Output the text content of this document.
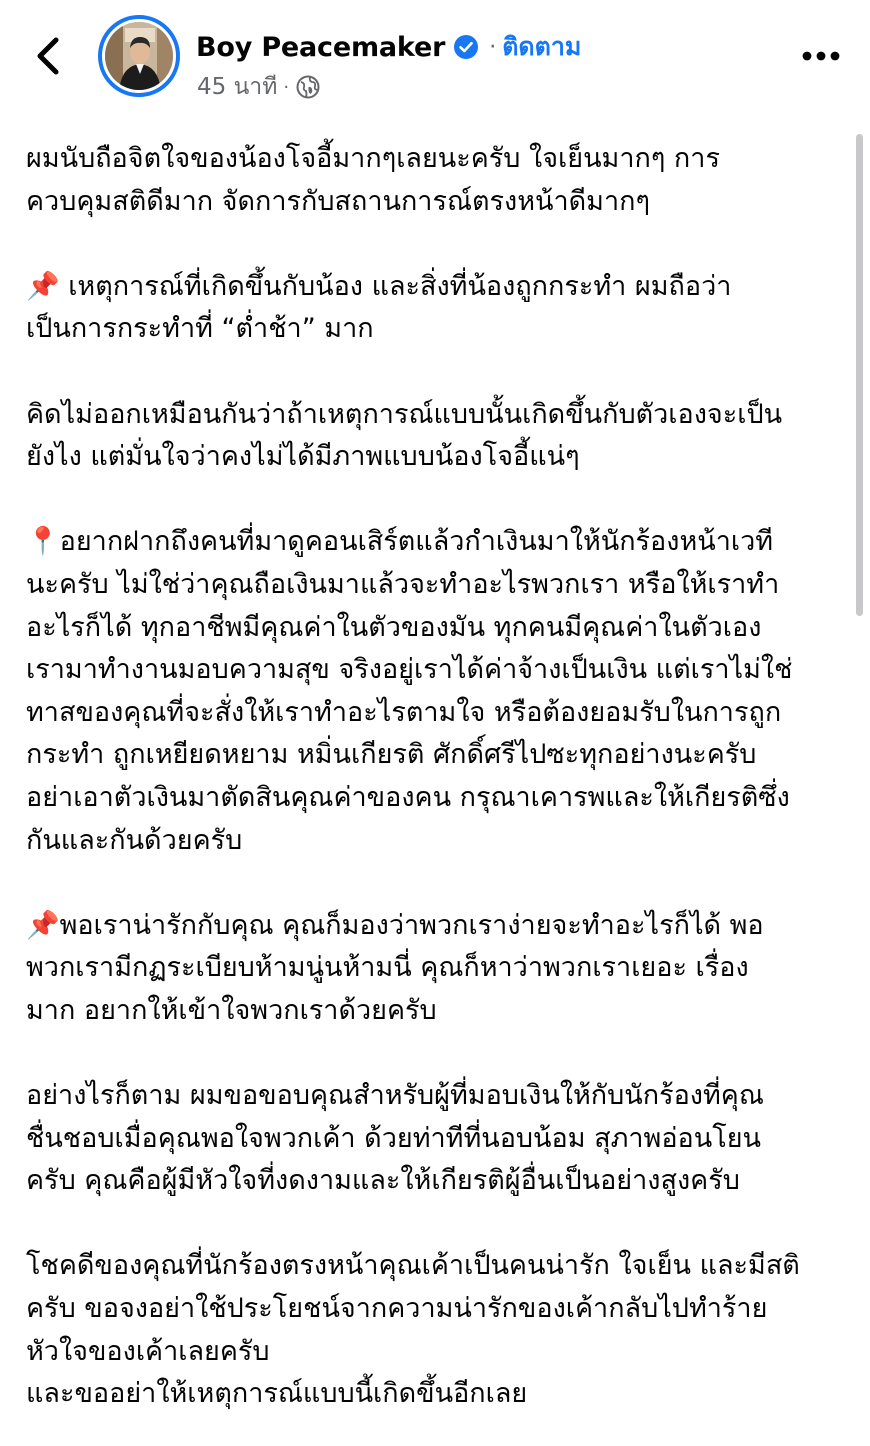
Boy Peacemaker · ติดตาม
45 นาที ·

ผมนับถือจิตใจของน้องโจอี้มากๆเลยนะครับ ใจเย็นมากๆ การ
ควบคุมสติดีมาก จัดการกับสถานการณ์ตรงหน้าดีมากๆ

📌 เหตุการณ์ที่เกิดขึ้นกับน้อง และสิ่งที่น้องถูกกระทำ ผมถือว่า
เป็นการกระทำที่ “ต่ำช้า” มาก

คิดไม่ออกเหมือนกันว่าถ้าเหตุการณ์แบบนั้นเกิดขึ้นกับตัวเองจะเป็น
ยังไง แต่มั่นใจว่าคงไม่ได้มีภาพแบบน้องโจอี้แน่ๆ

📍อยากฝากถึงคนที่มาดูคอนเสิร์ตแล้วกำเงินมาให้นักร้องหน้าเวที
นะครับ ไม่ใช่ว่าคุณถือเงินมาแล้วจะทำอะไรพวกเรา หรือให้เราทำ
อะไรก็ได้ ทุกอาชีพมีคุณค่าในตัวของมัน ทุกคนมีคุณค่าในตัวเอง
เรามาทำงานมอบความสุข จริงอยู่เราได้ค่าจ้างเป็นเงิน แต่เราไม่ใช่
ทาสของคุณที่จะสั่งให้เราทำอะไรตามใจ หรือต้องยอมรับในการถูก
กระทำ ถูกเหยียดหยาม หมิ่นเกียรติ ศักดิ์ศรีไปซะทุกอย่างนะครับ
อย่าเอาตัวเงินมาตัดสินคุณค่าของคน กรุณาเคารพและให้เกียรติซึ่ง
กันและกันด้วยครับ

📌พอเราน่ารักกับคุณ คุณก็มองว่าพวกเราง่ายจะทำอะไรก็ได้ พอ
พวกเรามีกฏระเบียบห้ามนู่นห้ามนี่ คุณก็หาว่าพวกเราเยอะ เรื่อง
มาก อยากให้เข้าใจพวกเราด้วยครับ

อย่างไรก็ตาม ผมขอขอบคุณสำหรับผู้ที่มอบเงินให้กับนักร้องที่คุณ
ชื่นชอบเมื่อคุณพอใจพวกเค้า ด้วยท่าทีที่นอบน้อม สุภาพอ่อนโยน
ครับ คุณคือผู้มีหัวใจที่งดงามและให้เกียรติผู้อื่นเป็นอย่างสูงครับ

โชคดีของคุณที่นักร้องตรงหน้าคุณเค้าเป็นคนน่ารัก ใจเย็น และมีสติ
ครับ ขอจงอย่าใช้ประโยชน์จากความน่ารักของเค้ากลับไปทำร้าย
หัวใจของเค้าเลยครับ
และขออย่าให้เหตุการณ์แบบนี้เกิดขึ้นอีกเลย
